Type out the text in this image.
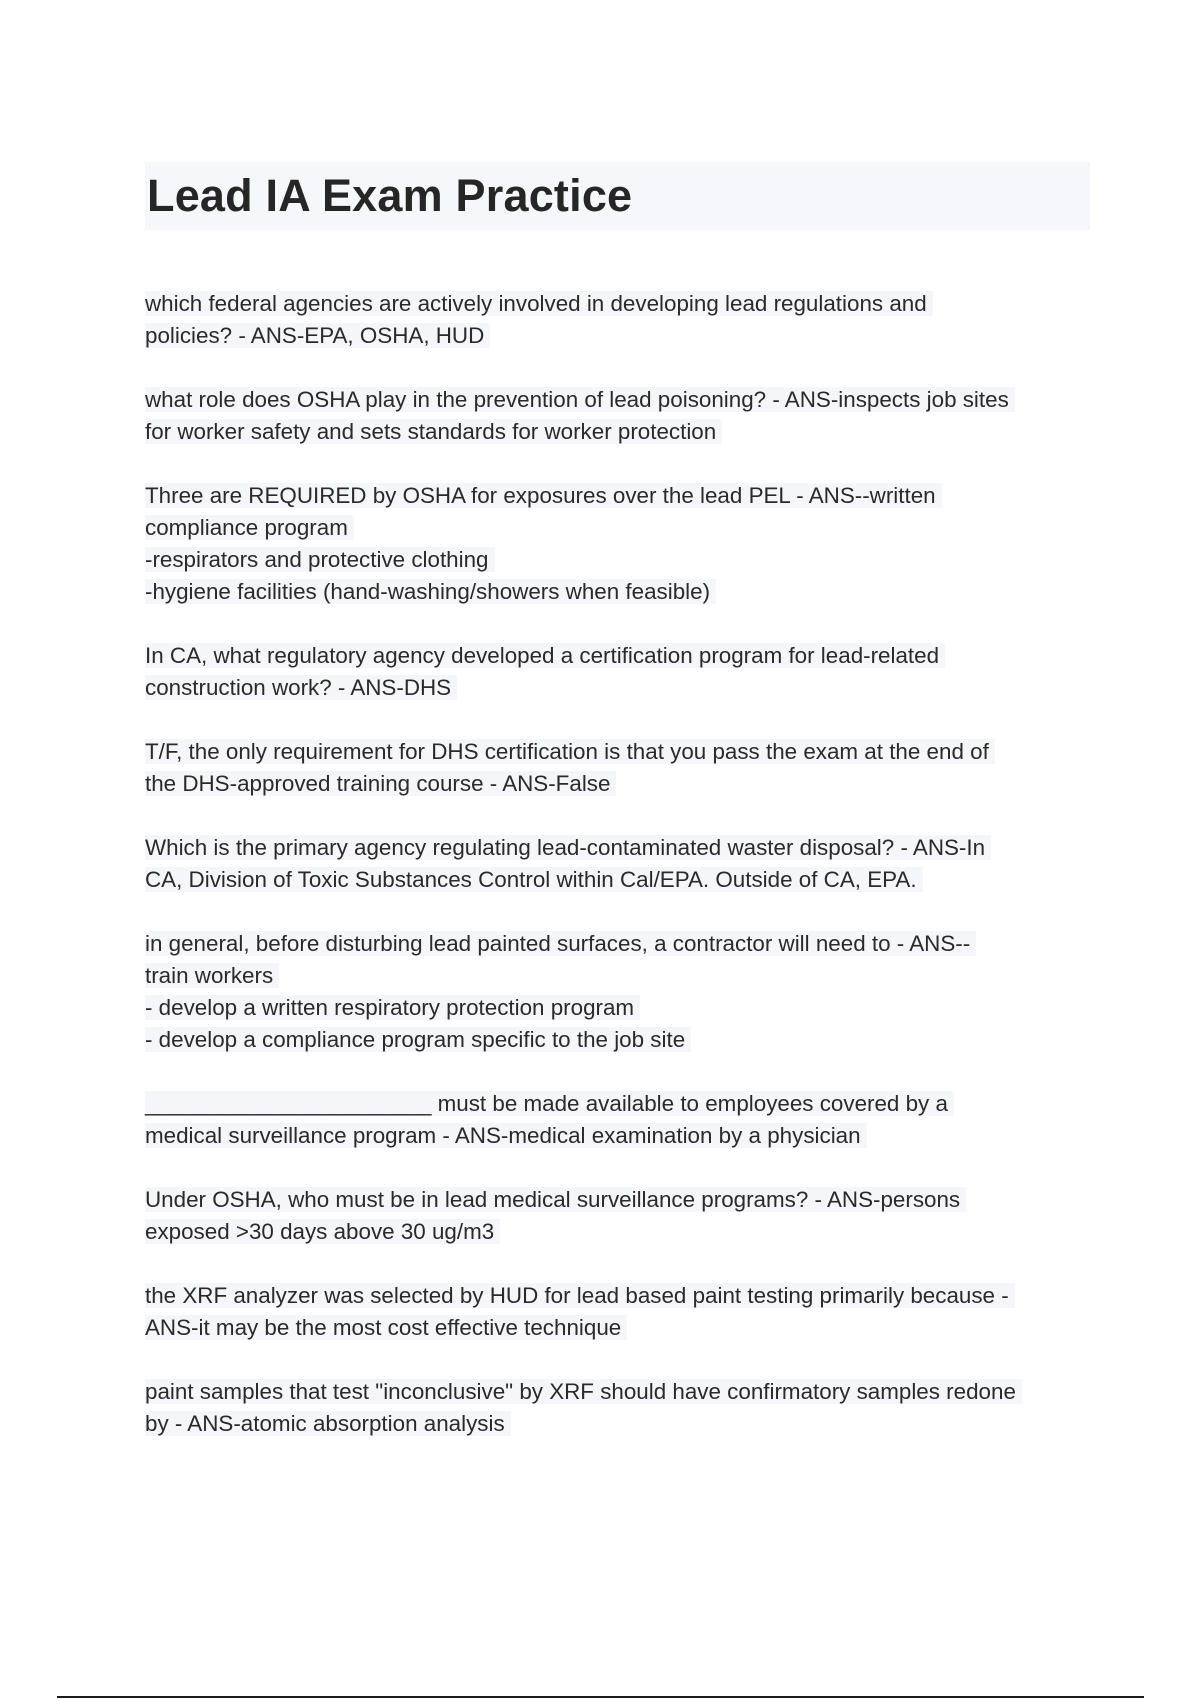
Lead IA Exam Practice
which federal agencies are actively involved in developing lead regulations and
policies? - ANS-EPA, OSHA, HUD
what role does OSHA play in the prevention of lead poisoning? - ANS-inspects job sites
for worker safety and sets standards for worker protection
Three are REQUIRED by OSHA for exposures over the lead PEL - ANS--written
compliance program
-respirators and protective clothing
-hygiene facilities (hand-washing/showers when feasible)
In CA, what regulatory agency developed a certification program for lead-related
construction work? - ANS-DHS
T/F, the only requirement for DHS certification is that you pass the exam at the end of
the DHS-approved training course - ANS-False
Which is the primary agency regulating lead-contaminated waster disposal? - ANS-In
CA, Division of Toxic Substances Control within Cal/EPA. Outside of CA, EPA.
in general, before disturbing lead painted surfaces, a contractor will need to - ANS--
train workers
- develop a written respiratory protection program
- develop a compliance program specific to the job site
_______________________ must be made available to employees covered by a
medical surveillance program - ANS-medical examination by a physician
Under OSHA, who must be in lead medical surveillance programs? - ANS-persons
exposed >30 days above 30 ug/m3
the XRF analyzer was selected by HUD for lead based paint testing primarily because -
ANS-it may be the most cost effective technique
paint samples that test "inconclusive" by XRF should have confirmatory samples redone
by - ANS-atomic absorption analysis
